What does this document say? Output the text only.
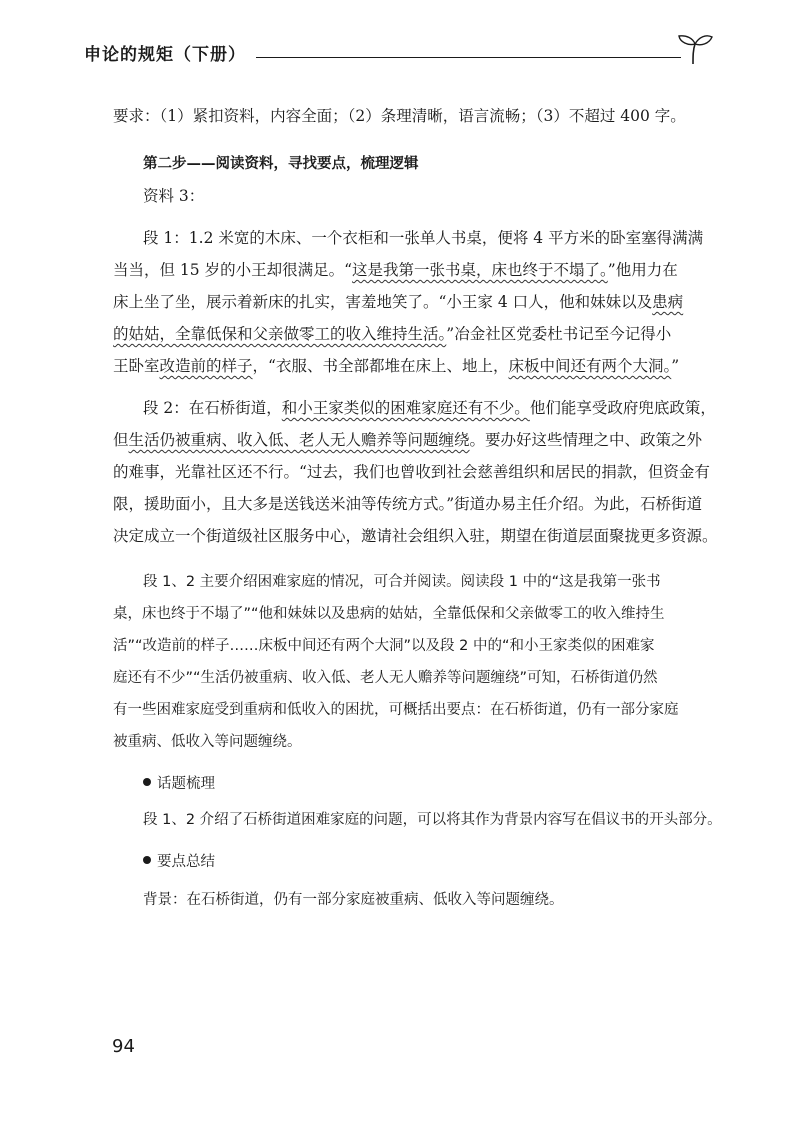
申论的规矩（下册）
要求：（1）紧扣资料，内容全面；（2）条理清晰，语言流畅；（3）不超过 400 字。
第二步——阅读资料，寻找要点，梳理逻辑
资料 3：
段 1：1.2 米宽的木床、一个衣柜和一张单人书桌，便将 4 平方米的卧室塞得满满
当当，但 15 岁的小王却很满足。“这是我第一张书桌，床也终于不塌了。”他用力在
床上坐了坐，展示着新床的扎实，害羞地笑了。“小王家 4 口人，他和妹妹以及患病
的姑姑，全靠低保和父亲做零工的收入维持生活。”冶金社区党委杜书记至今记得小
王卧室改造前的样子，“衣服、书全部都堆在床上、地上，床板中间还有两个大洞。”
段 2：在石桥街道，和小王家类似的困难家庭还有不少。他们能享受政府兜底政策，
但生活仍被重病、收入低、老人无人赡养等问题缠绕。要办好这些情理之中、政策之外
的难事，光靠社区还不行。“过去，我们也曾收到社会慈善组织和居民的捐款，但资金有
限，援助面小，且大多是送钱送米油等传统方式。”街道办易主任介绍。为此，石桥街道
决定成立一个街道级社区服务中心，邀请社会组织入驻，期望在街道层面聚拢更多资源。
段 1、2 主要介绍困难家庭的情况，可合并阅读。阅读段 1 中的“这是我第一张书
桌，床也终于不塌了”“他和妹妹以及患病的姑姑，全靠低保和父亲做零工的收入维持生
活”“改造前的样子……床板中间还有两个大洞”以及段 2 中的“和小王家类似的困难家
庭还有不少”“生活仍被重病、收入低、老人无人赡养等问题缠绕”可知，石桥街道仍然
有一些困难家庭受到重病和低收入的困扰，可概括出要点：在石桥街道，仍有一部分家庭
被重病、低收入等问题缠绕。
话题梳理
段 1、2 介绍了石桥街道困难家庭的问题，可以将其作为背景内容写在倡议书的开头部分。
要点总结
背景：在石桥街道，仍有一部分家庭被重病、低收入等问题缠绕。
94
